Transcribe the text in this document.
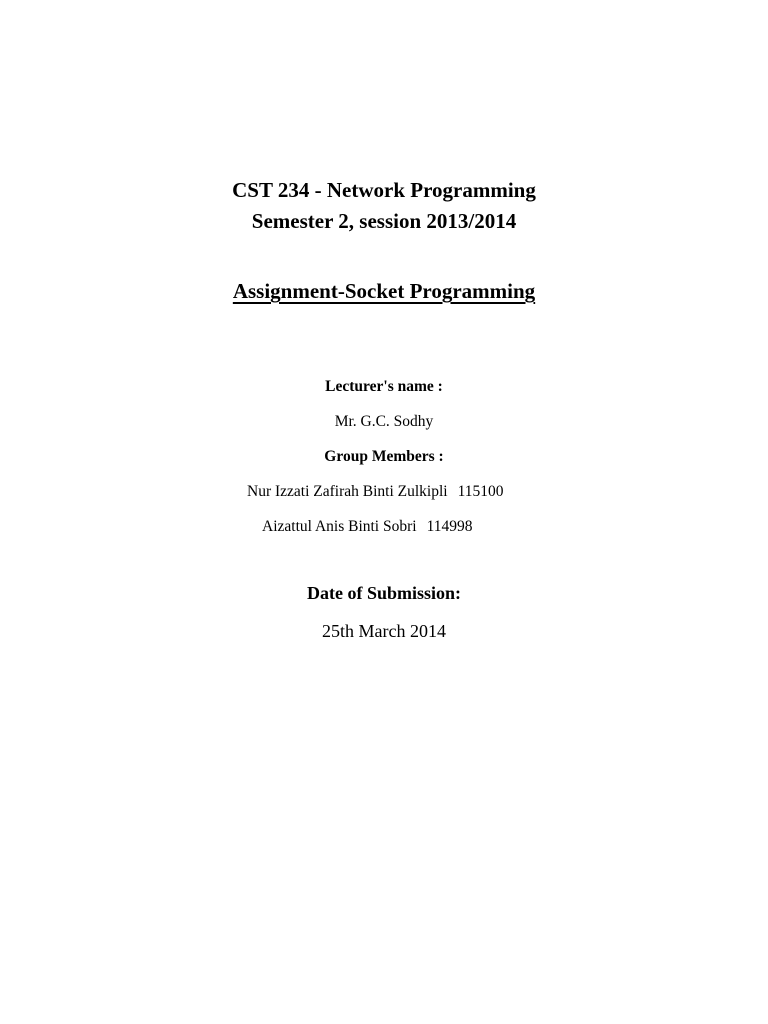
CST 234 - Network Programming
Semester 2, session 2013/2014
Assignment-Socket Programming
Lecturer's name :
Mr. G.C. Sodhy
Group Members :
Nur Izzati Zafirah Binti Zulkipli 115100
Aizattul Anis Binti Sobri 114998
Date of Submission:
25th March 2014
